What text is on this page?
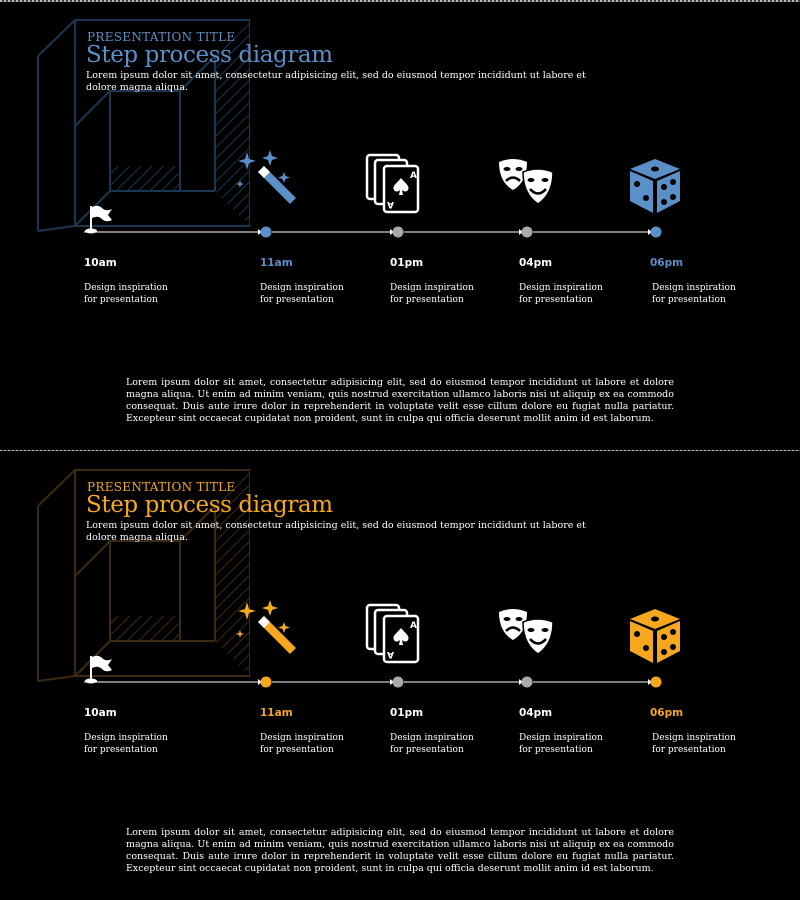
PRESENTATION TITLE
Step process diagram
Lorem ipsum dolor sit amet, consectetur adipisicing elit, sed do eiusmod tempor incididunt ut labore et dolore magna aliqua.
A
A
10am	11am	01pm	04pm	06pm
Design inspiration for presentation
Design inspiration for presentation
Design inspiration for presentation
Design inspiration for presentation
Design inspiration for presentation
Lorem ipsum dolor sit amet, consectetur adipisicing elit, sed do eiusmod tempor incididunt ut labore et dolore magna aliqua. Ut enim ad minim veniam, quis nostrud exercitation ullamco laboris nisi ut aliquip ex ea commodo consequat. Duis aute irure dolor in reprehenderit in voluptate velit esse cillum dolore eu fugiat nulla pariatur. Excepteur sint occaecat cupidatat non proident, sunt in culpa qui officia deserunt mollit anim id est laborum.
PRESENTATION TITLE
Step process diagram
Lorem ipsum dolor sit amet, consectetur adipisicing elit, sed do eiusmod tempor incididunt ut labore et dolore magna aliqua.
A
A
10am	11am	01pm	04pm	06pm
Design inspiration for presentation
Design inspiration for presentation
Design inspiration for presentation
Design inspiration for presentation
Design inspiration for presentation
Lorem ipsum dolor sit amet, consectetur adipisicing elit, sed do eiusmod tempor incididunt ut labore et dolore magna aliqua. Ut enim ad minim veniam, quis nostrud exercitation ullamco laboris nisi ut aliquip ex ea commodo consequat. Duis aute irure dolor in reprehenderit in voluptate velit esse cillum dolore eu fugiat nulla pariatur. Excepteur sint occaecat cupidatat non proident, sunt in culpa qui officia deserunt mollit anim id est laborum.
